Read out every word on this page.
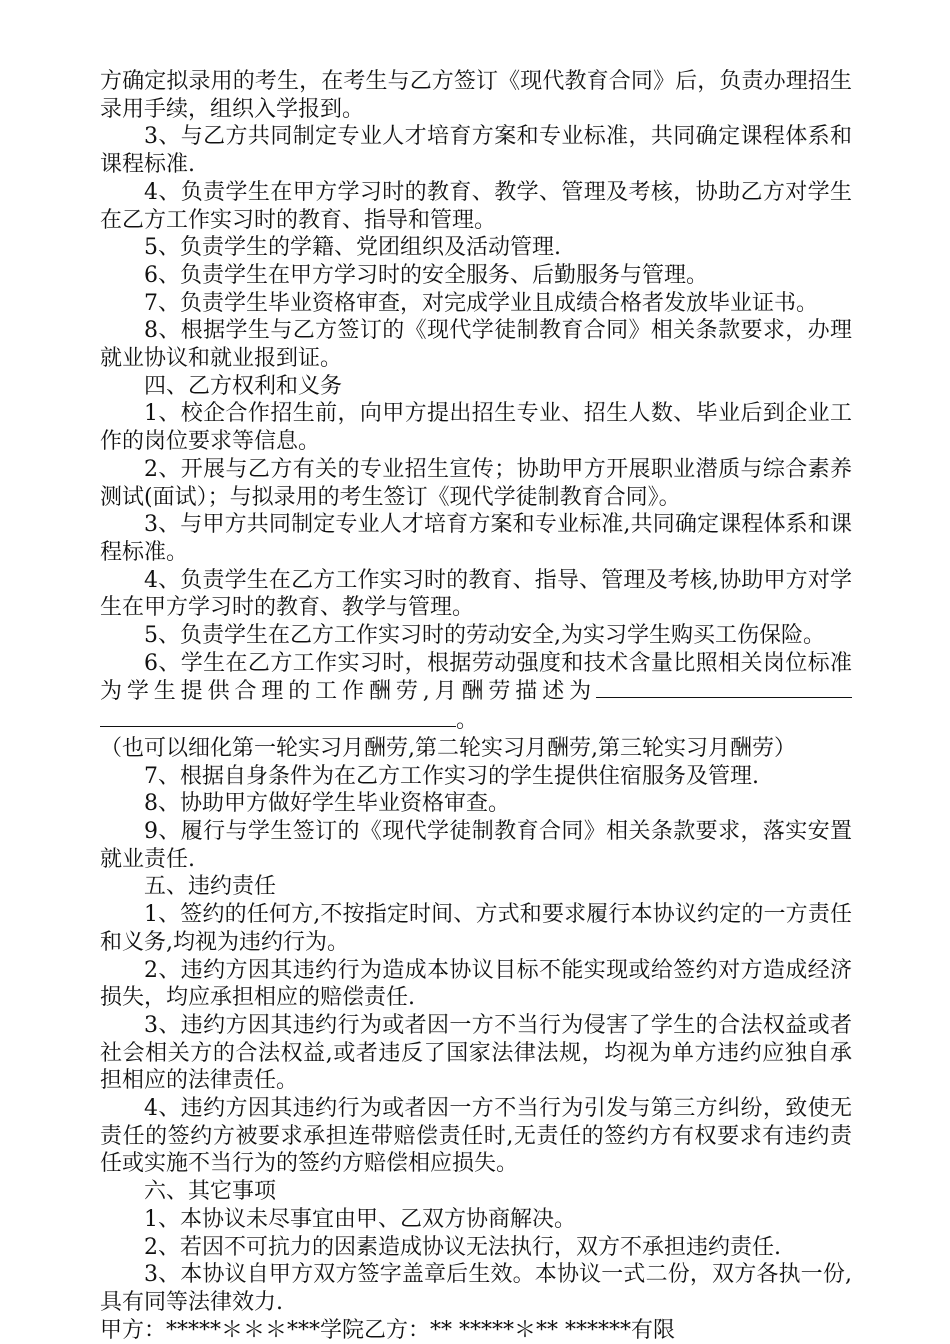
方确定拟录用的考生，在考生与乙方签订《现代教育合同》后，负责办理招生录用手续，组织入学报到。

3、与乙方共同制定专业人才培育方案和专业标准，共同确定课程体系和课程标准.

4、负责学生在甲方学习时的教育、教学、管理及考核，协助乙方对学生在乙方工作实习时的教育、指导和管理。

5、负责学生的学籍、党团组织及活动管理.

6、负责学生在甲方学习时的安全服务、后勤服务与管理。

7、负责学生毕业资格审查，对完成学业且成绩合格者发放毕业证书。

8、根据学生与乙方签订的《现代学徒制教育合同》相关条款要求，办理就业协议和就业报到证。

四、乙方权利和义务

1、校企合作招生前，向甲方提出招生专业、招生人数、毕业后到企业工作的岗位要求等信息。

2、开展与乙方有关的专业招生宣传；协助甲方开展职业潜质与综合素养测试(面试）；与拟录用的考生签订《现代学徒制教育合同》。

3、与甲方共同制定专业人才培育方案和专业标准,共同确定课程体系和课程标准。

4、负责学生在乙方工作实习时的教育、指导、管理及考核,协助甲方对学生在甲方学习时的教育、教学与管理。

5、负责学生在乙方工作实习时的劳动安全,为实习学生购买工伤保险。

6、学生在乙方工作实习时，根据劳动强度和技术含量比照相关岗位标准为学生提供合理的工作酬劳,月酬劳描述为。

（也可以细化第一轮实习月酬劳,第二轮实习月酬劳,第三轮实习月酬劳）

7、根据自身条件为在乙方工作实习的学生提供住宿服务及管理.

8、协助甲方做好学生毕业资格审查。

9、履行与学生签订的《现代学徒制教育合同》相关条款要求，落实安置就业责任.

五、违约责任

1、签约的任何方,不按指定时间、方式和要求履行本协议约定的一方责任和义务,均视为违约行为。

2、违约方因其违约行为造成本协议目标不能实现或给签约对方造成经济损失，均应承担相应的赔偿责任.

3、违约方因其违约行为或者因一方不当行为侵害了学生的合法权益或者社会相关方的合法权益,或者违反了国家法律法规，均视为单方违约应独自承担相应的法律责任。

4、违约方因其违约行为或者因一方不当行为引发与第三方纠纷，致使无责任的签约方被要求承担连带赔偿责任时,无责任的签约方有权要求有违约责任或实施不当行为的签约方赔偿相应损失。

六、其它事项

1、本协议未尽事宜由甲、乙双方协商解决。

2、若因不可抗力的因素造成协议无法执行，双方不承担违约责任.

3、本协议自甲方双方签字盖章后生效。本协议一式二份，双方各执一份,具有同等法律效力.

甲方：*****＊＊＊***学院乙方：** *****＊** ******有限
